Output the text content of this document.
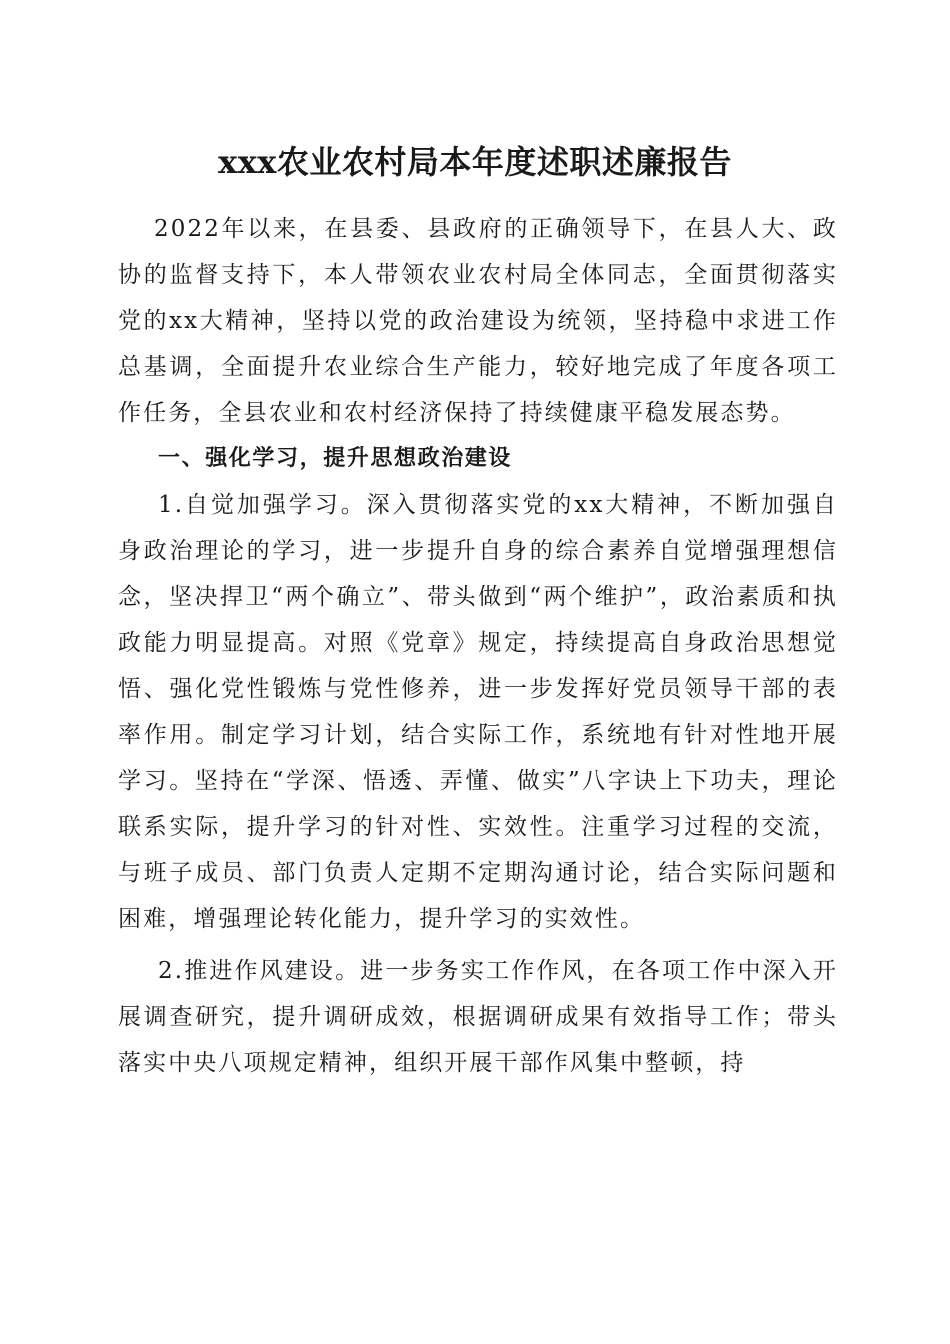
xxx农业农村局本年度述职述廉报告

2022年以来，在县委、县政府的正确领导下，在县人大、政协的监督支持下，本人带领农业农村局全体同志，全面贯彻落实党的xx大精神，坚持以党的政治建设为统领，坚持稳中求进工作总基调，全面提升农业综合生产能力，较好地完成了年度各项工作任务，全县农业和农村经济保持了持续健康平稳发展态势。

一、强化学习，提升思想政治建设

1.自觉加强学习。深入贯彻落实党的xx大精神，不断加强自身政治理论的学习，进一步提升自身的综合素养自觉增强理想信念，坚决捍卫“两个确立”、带头做到“两个维护”，政治素质和执政能力明显提高。对照《党章》规定，持续提高自身政治思想觉悟、强化党性锻炼与党性修养，进一步发挥好党员领导干部的表率作用。制定学习计划，结合实际工作，系统地有针对性地开展学习。坚持在“学深、悟透、弄懂、做实”八字诀上下功夫，理论联系实际，提升学习的针对性、实效性。注重学习过程的交流，与班子成员、部门负责人定期不定期沟通讨论，结合实际问题和困难，增强理论转化能力，提升学习的实效性。

2.推进作风建设。进一步务实工作作风，在各项工作中深入开展调查研究，提升调研成效，根据调研成果有效指导工作；带头落实中央八项规定精神，组织开展干部作风集中整顿，持
